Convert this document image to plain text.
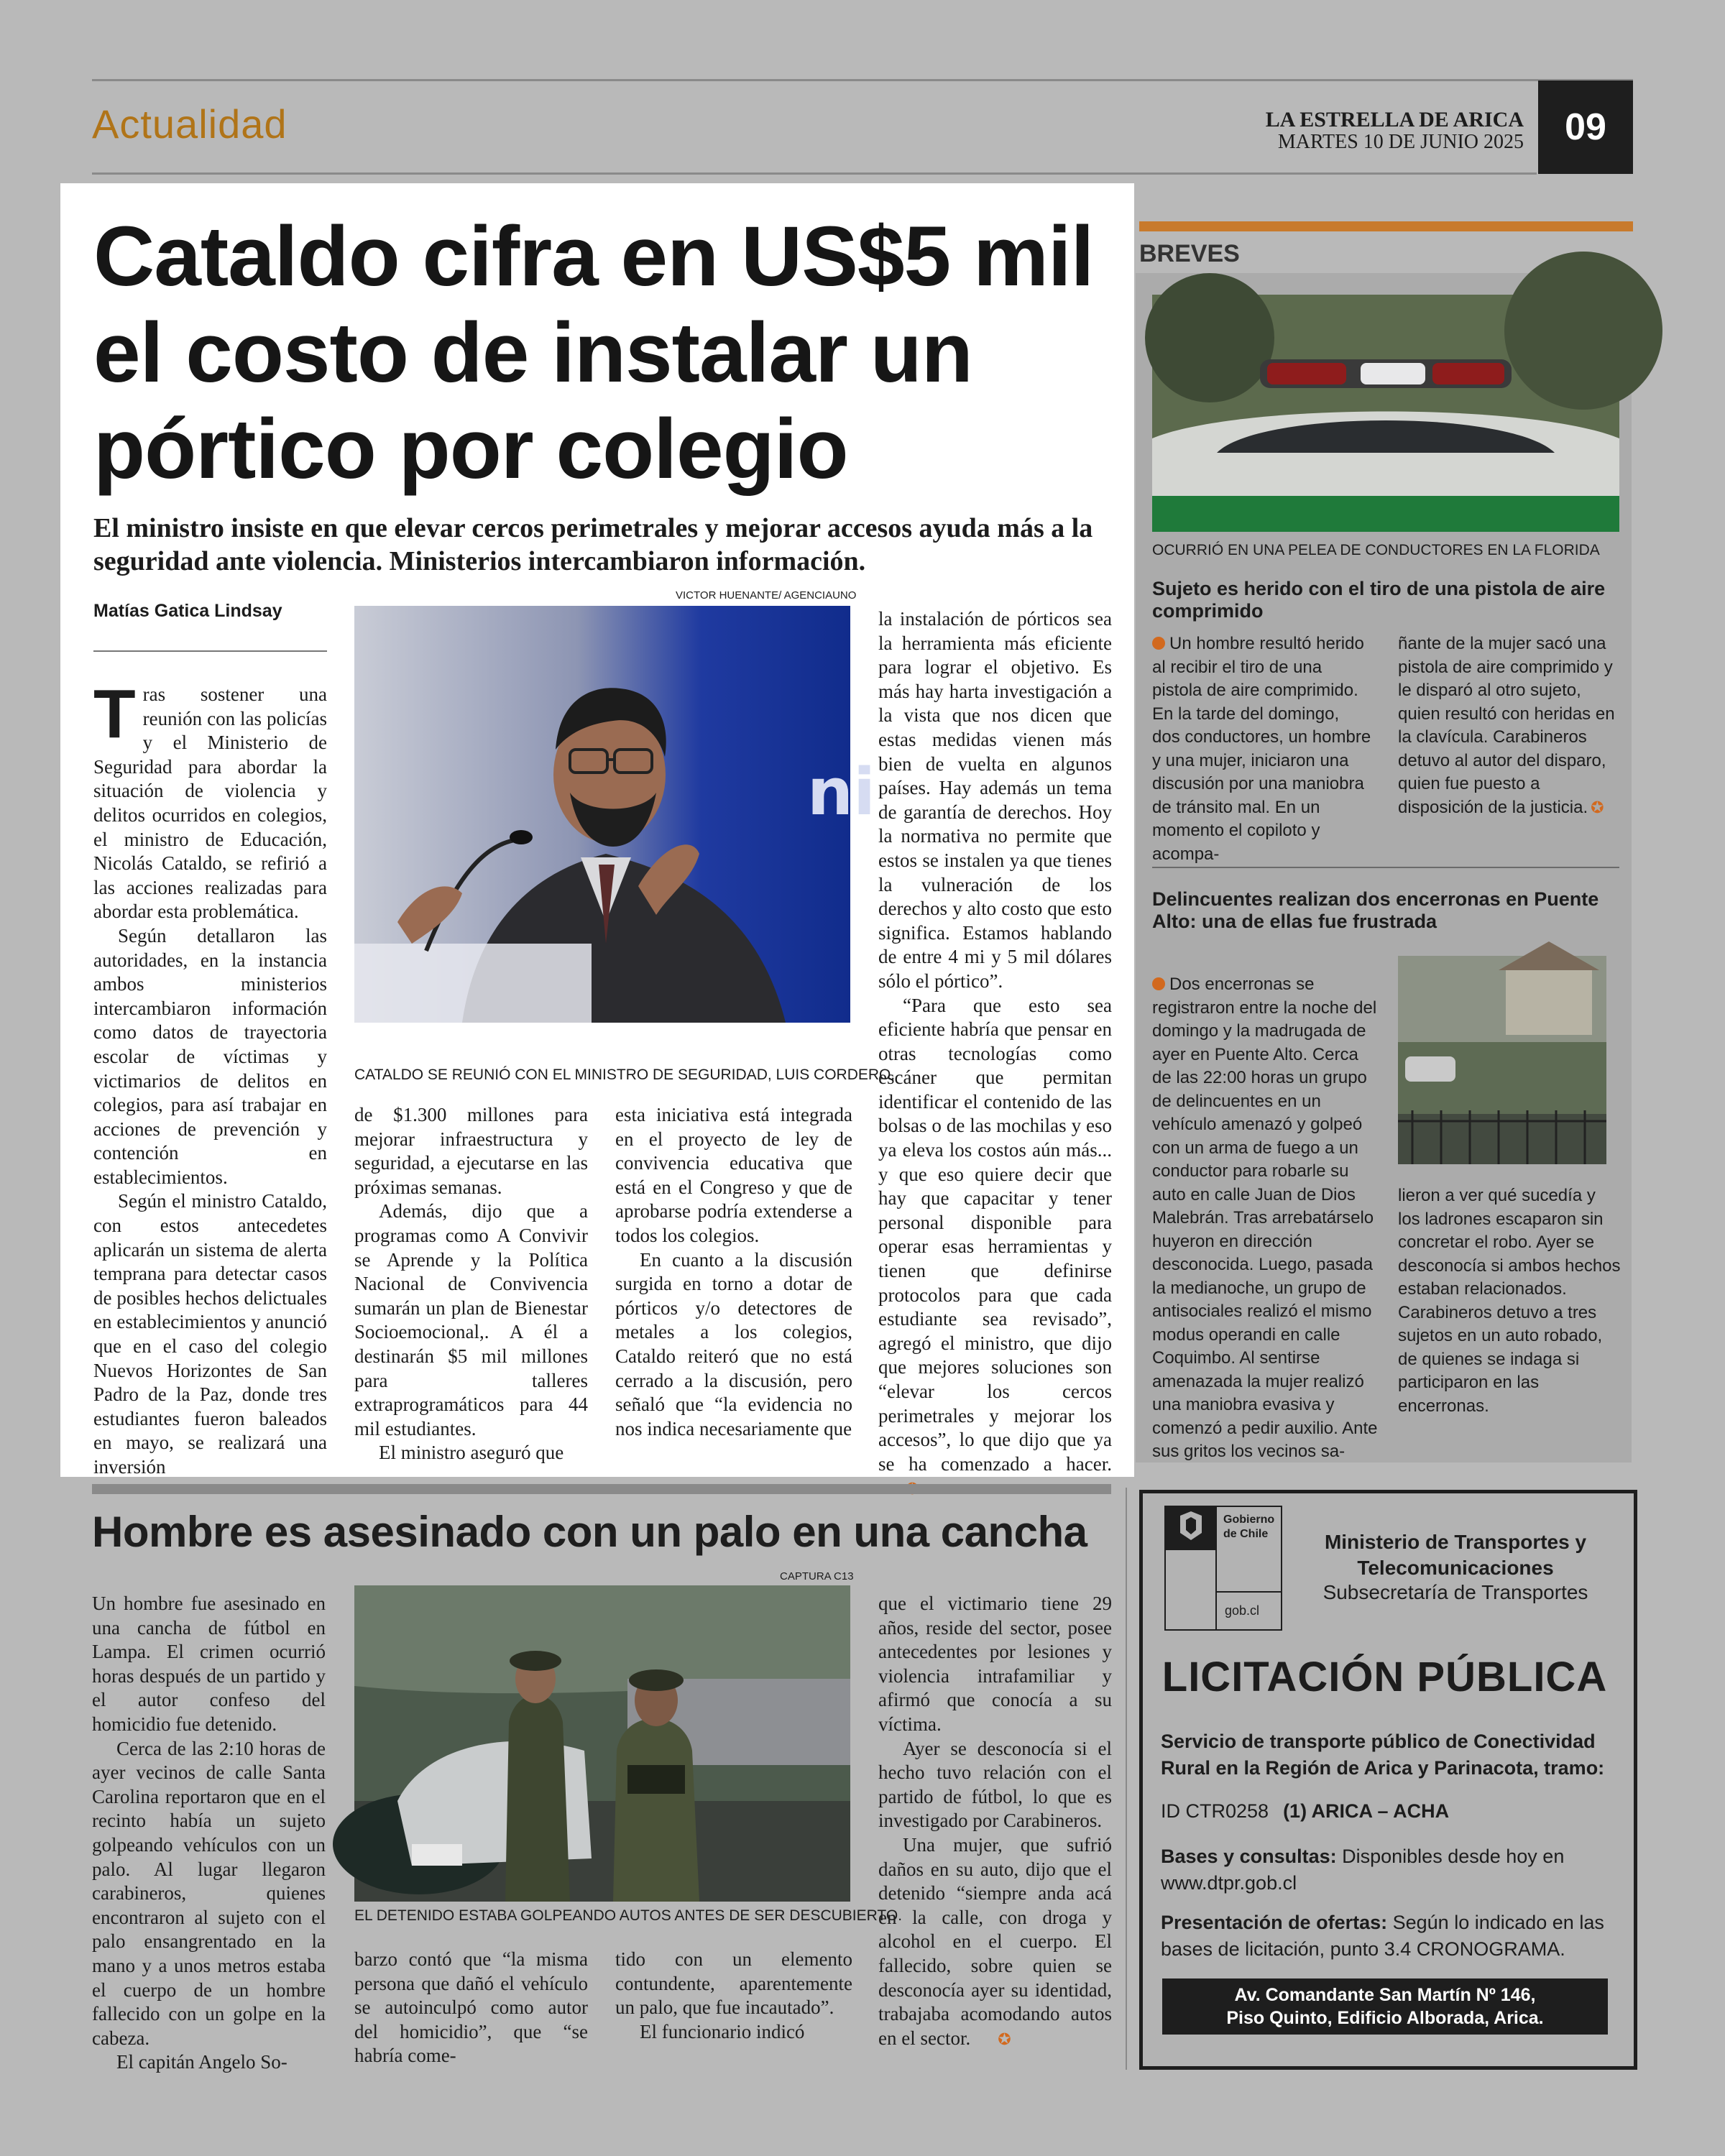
Actualidad	LA ESTRELLA DE ARICA
MARTES 10 DE JUNIO 2025	09
Cataldo cifra en US$5 mil el costo de instalar un pórtico por colegio
El ministro insiste en que elevar cercos perimetrales y mejorar accesos ayuda más a la seguridad ante violencia. Ministerios intercambiaron información.
Matías Gatica Lindsay

Tras sostener una reunión con las policías y el Ministerio de Seguridad para abordar la situación de violencia y delitos ocurridos en colegios, el ministro de Educación, Nicolás Cataldo, se refirió a las acciones realizadas para abordar esta problemática.

Según detallaron las autoridades, en la instancia ambos ministerios intercambiaron información como datos de trayectoria escolar de víctimas y victimarios de delitos en colegios, para así trabajar en acciones de prevención y contención en establecimientos.

Según el ministro Cataldo, con estos antecedetes aplicarán un sistema de alerta temprana para detectar casos de posibles hechos delictuales en establecimientos y anunció que en el caso del colegio Nuevos Horizontes de San Padro de la Paz, donde tres estudiantes fueron baleados en mayo, se realizará una inversión

VICTOR HUENANTE/ AGENCIAUNO
ni
CATALDO SE REUNIÓ CON EL MINISTRO DE SEGURIDAD, LUIS CORDERO.

de $1.300 millones para mejorar infraestructura y seguridad, a ejecutarse en las próximas semanas.

Además, dijo que a programas como A Convivir se Aprende y la Política Nacional de Convivencia sumarán un plan de Bienestar Socioemocional,. A él a destinarán $5 mil millones para talleres extraprogramáticos para 44 mil estudiantes.

El ministro aseguró que

esta iniciativa está integrada en el proyecto de ley de convivencia educativa que está en el Congreso y que de aprobarse podría extenderse a todos los colegios.

En cuanto a la discusión surgida en torno a dotar de pórticos y/o detectores de metales a los colegios, Cataldo reiteró que no está cerrado a la discusión, pero señaló que “la evidencia no nos indica necesariamente que

la instalación de pórticos sea la herramienta más eficiente para lograr el objetivo. Es más hay harta investigación a la vista que nos dicen que estas medidas vienen más bien de vuelta en algunos países. Hay además un tema de garantía de derechos. Hoy la normativa no permite que estos se instalen ya que tienes la vulneración de los derechos y alto costo que esto significa. Estamos hablando de entre 4 mi y 5 mil dólares sólo el pórtico”.

“Para que esto sea eficiente habría que pensar en otras tecnologías como escáner que permitan identificar el contenido de las bolsas o de las mochilas y eso ya eleva los costos aún más... y que eso quiere decir que hay que capacitar y tener personal disponible para operar esas herramientas y tienen que definirse protocolos para que cada estudiante sea revisado”, agregó el ministro, que dijo que mejores soluciones son “elevar los cercos perimetrales y mejorar los accesos”, lo que dijo que ya se ha comenzado a hacer.

BREVES
OCURRIÓ EN UNA PELEA DE CONDUCTORES EN LA FLORIDA
Sujeto es herido con el tiro de una pistola de aire comprimido

Un hombre resultó herido al recibir el tiro de una pistola de aire comprimido. En la tarde del domingo, dos conductores, un hombre y una mujer, iniciaron una discusión por una maniobra de tránsito mal. En un momento el copiloto y acompa-

ñante de la mujer sacó una pistola de aire comprimido y le disparó al otro sujeto, quien resultó con heridas en la clavícula. Carabineros detuvo al autor del disparo, quien fue puesto a disposición de la justicia. ✪

Delincuentes realizan dos encerronas en Puente Alto: una de ellas fue frustrada

Dos encerronas se registraron entre la noche del domingo y la madrugada de ayer en Puente Alto. Cerca de las 22:00 horas un grupo de delincuentes en un vehículo amenazó y golpeó con un arma de fuego a un conductor para robarle su auto en calle Juan de Dios Malebrán. Tras arrebatárselo huyeron en dirección desconocida. Luego, pasada la medianoche, un grupo de antisociales realizó el mismo modus operandi en calle Coquimbo. Al sentirse amenazada la mujer realizó una maniobra evasiva y comenzó a pedir auxilio. Ante sus gritos los vecinos sa-

lieron a ver qué sucedía y los ladrones escaparon sin concretar el robo. Ayer se desconocía si ambos hechos estaban relacionados. Carabineros detuvo a tres sujetos en un auto robado, de quienes se indaga si participaron en las encerronas.

Hombre es asesinado con un palo en una cancha

Un hombre fue asesinado en una cancha de fútbol en Lampa. El crimen ocurrió horas después de un partido y el autor confeso del homicidio fue detenido.

Cerca de las 2:10 horas de ayer vecinos de calle Santa Carolina reportaron que en el recinto había un sujeto golpeando vehículos con un palo. Al lugar llegaron carabineros, quienes encontraron al sujeto con el palo ensangrentado en la mano y a unos metros estaba el cuerpo de un hombre fallecido con un golpe en la cabeza.

El capitán Angelo So-

CAPTURA C13
EL DETENIDO ESTABA GOLPEANDO AUTOS ANTES DE SER DESCUBIERTO.

barzo contó que “la misma persona que dañó el vehículo se autoinculpó como autor del homicidio”, que “se habría come-

tido con un elemento contundente, aparentemente un palo, que fue incautado”.

El funcionario indicó

que el victimario tiene 29 años, reside del sector, posee antecedentes por lesiones y violencia intrafamiliar y afirmó que conocía a su víctima.

Ayer se desconocía si el hecho tuvo relación con el partido de fútbol, lo que es investigado por Carabineros.

Una mujer, que sufrió daños en su auto, dijo que el detenido “siempre anda acá en la calle, con droga y alcohol en el cuerpo. El fallecido, sobre quien se desconocía ayer su identidad, trabajaba acomodando autos en el sector. ✪

Gobierno
de Chile
gob.cl
Ministerio de Transportes y Telecomunicaciones
Subsecretaría de Transportes
LICITACIÓN PÚBLICA
Servicio de transporte público de Conectividad Rural en la Región de Arica y Parinacota, tramo:
ID CTR0258 (1) ARICA – ACHA
Bases y consultas: Disponibles desde hoy en www.dtpr.gob.cl
Presentación de ofertas: Según lo indicado en las bases de licitación, punto 3.4 CRONOGRAMA.
Av. Comandante San Martín Nº 146,
Piso Quinto, Edificio Alborada, Arica.
